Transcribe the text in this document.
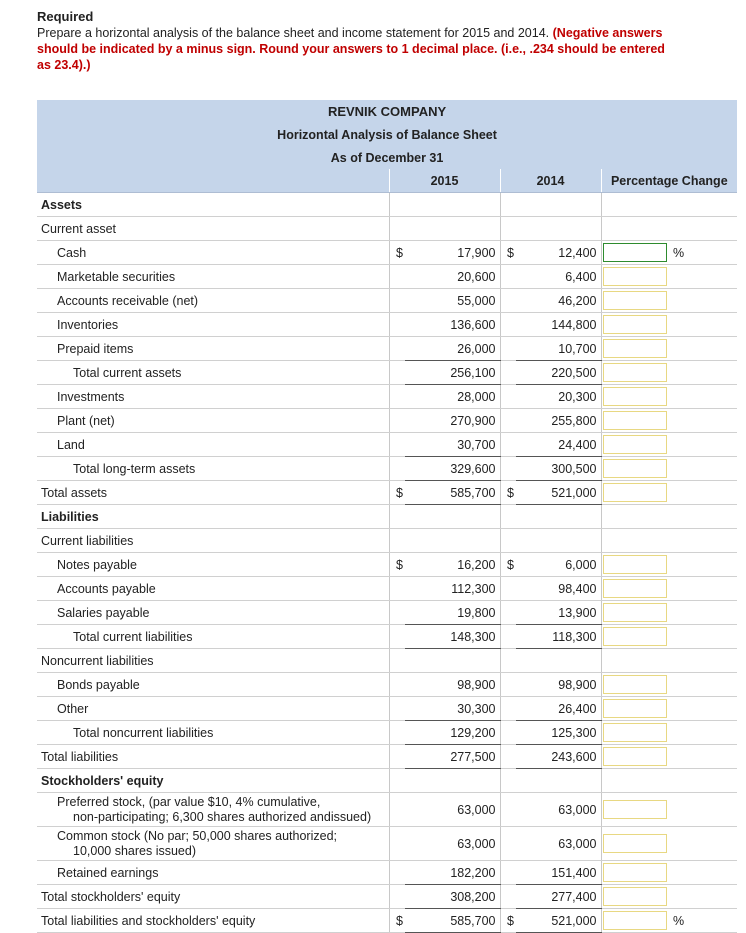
Required
Prepare a horizontal analysis of the balance sheet and income statement for 2015 and 2014. (Negative answers should be indicated by a minus sign. Round your answers to 1 decimal place. (i.e., .234 should be entered as 23.4).)
REVNIK COMPANY						
Horizontal Analysis of Balance Sheet						
As of December 31						
	2015		2014		Percentage Change	
Assets						
Current asset						
Cash	$	17,900	$	12,400		%
Marketable securities		20,600		6,400	

Accounts receivable (net)		55,000		46,200	

Inventories		136,600		144,800	

Prepaid items		26,000		10,700	

Total current assets		256,100		220,500	

Investments		28,000		20,300	

Plant (net)		270,900		255,800	

Land		30,700		24,400	

Total long-term assets		329,600		300,500	

Total assets	$	585,700	$	521,000	

Liabilities						
Current liabilities						
Notes payable	$	16,200	$	6,000	

Accounts payable		112,300		98,400	

Salaries payable		19,800		13,900	

Total current liabilities		148,300		118,300	

Noncurrent liabilities						
Bonds payable		98,900		98,900	

Other		30,300		26,400	

Total noncurrent liabilities		129,200		125,300	

Total liabilities		277,500		243,600	

Stockholders' equity						

Preferred stock, (par value $10, 4% cumulative,
non-participating; 6,300 shares authorized andissued)		63,000		63,000	

Common stock (No par; 50,000 shares authorized;
10,000 shares issued)		63,000		63,000	

Retained earnings		182,200		151,400	

Total stockholders' equity		308,200		277,400	

Total liabilities and stockholders' equity	$	585,700	$	521,000		%
